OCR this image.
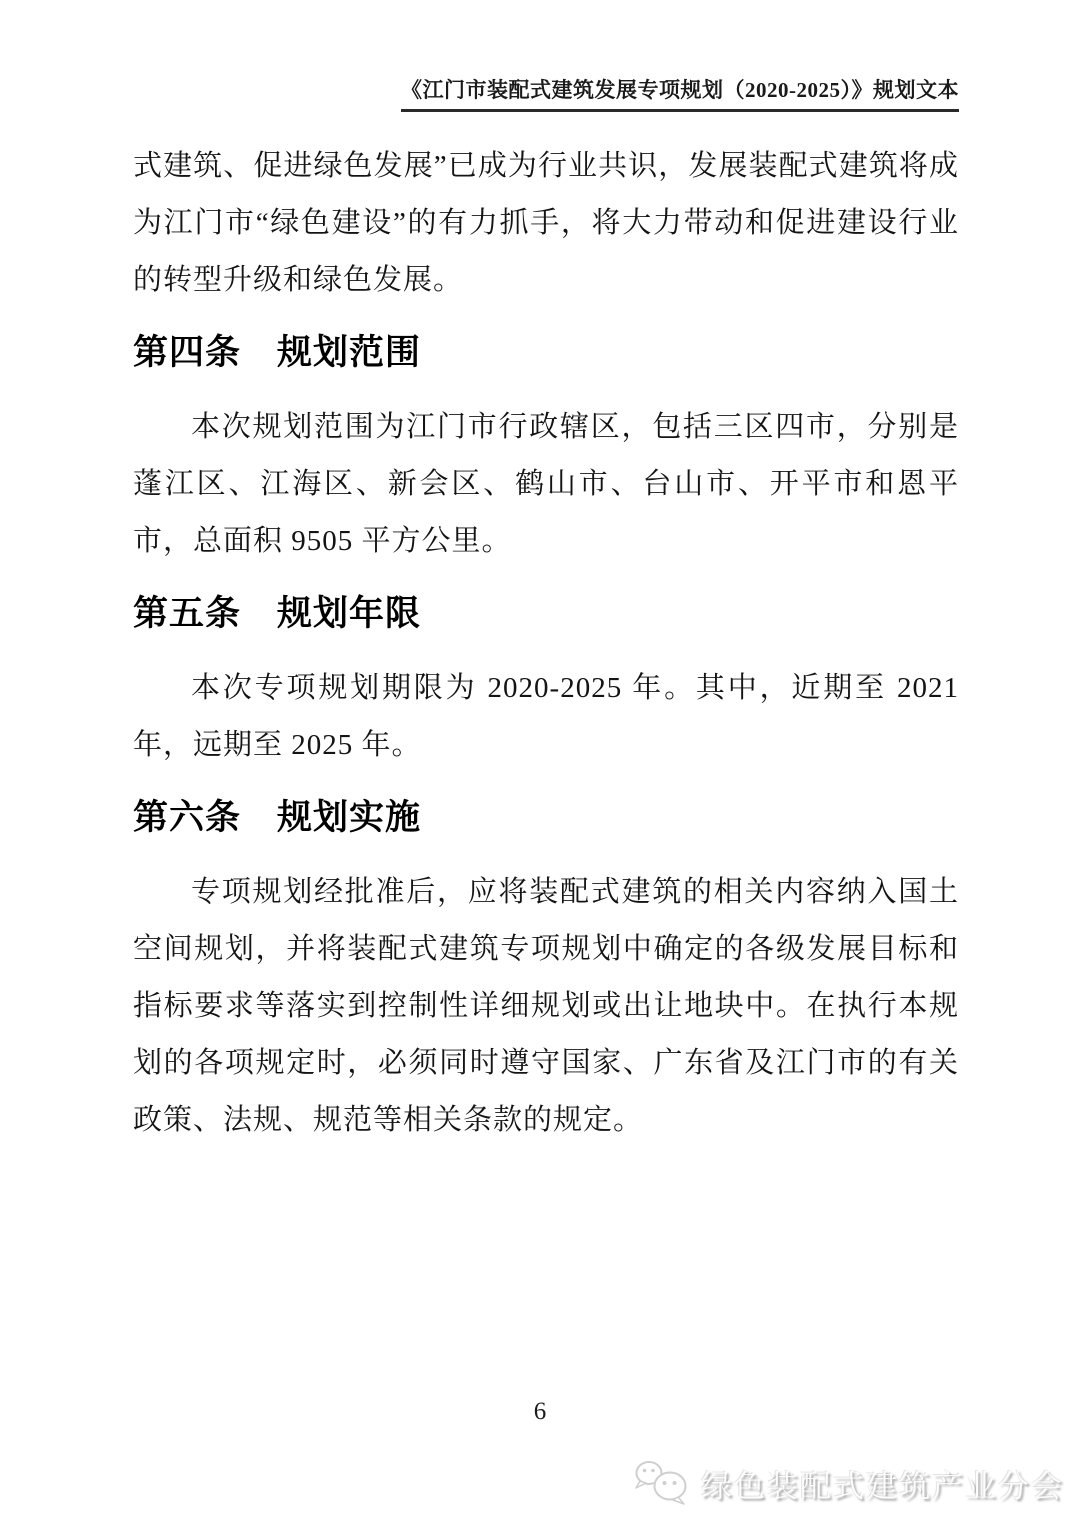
《江门市装配式建筑发展专项规划（2020-2025）》规划文本

式建筑、促进绿色发展”已成为行业共识，发展装配式建筑将成为江门市“绿色建设”的有力抓手，将大力带动和促进建设行业的转型升级和绿色发展。

第四条　规划范围

本次规划范围为江门市行政辖区，包括三区四市，分别是蓬江区、江海区、新会区、鹤山市、台山市、开平市和恩平市，总面积 9505 平方公里。

第五条　规划年限

本次专项规划期限为 2020-2025 年。其中，近期至 2021 年，远期至 2025 年。

第六条　规划实施

专项规划经批准后，应将装配式建筑的相关内容纳入国土空间规划，并将装配式建筑专项规划中确定的各级发展目标和指标要求等落实到控制性详细规划或出让地块中。在执行本规划的各项规定时，必须同时遵守国家、广东省及江门市的有关政策、法规、规范等相关条款的规定。

6
绿色装配式建筑产业分会
